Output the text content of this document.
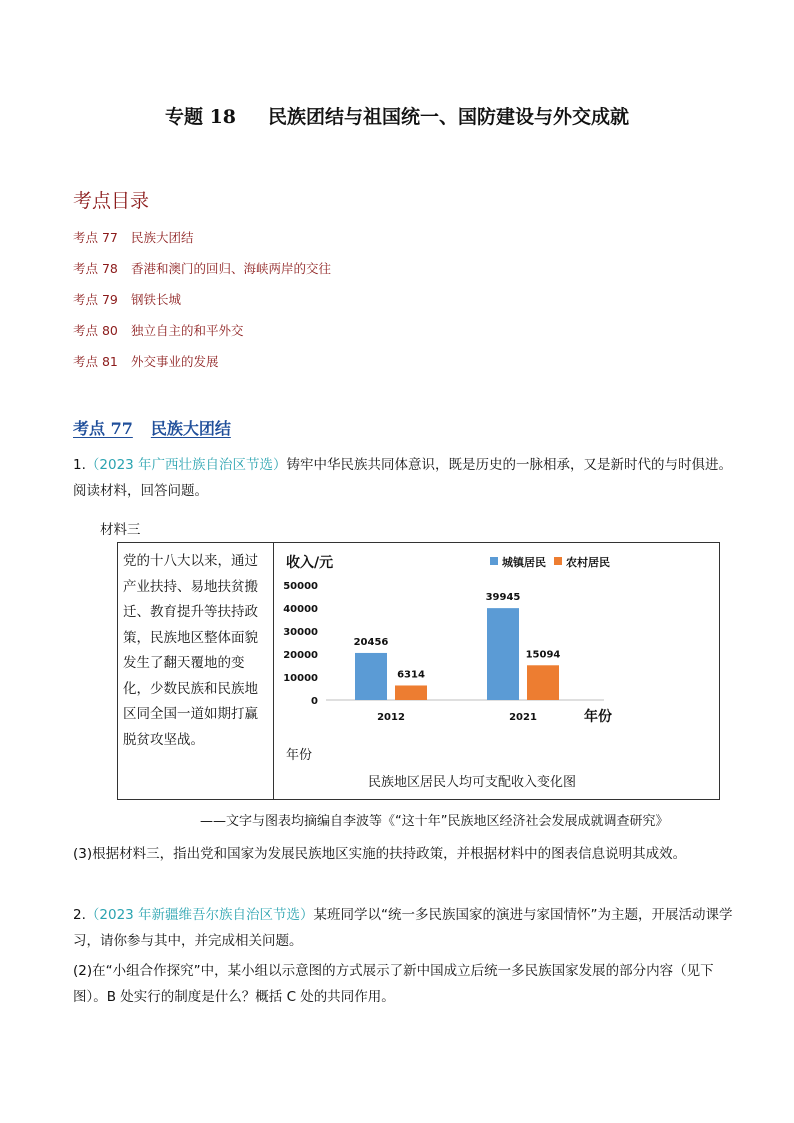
专题 18 民族团结与祖国统一、国防建设与外交成就
考点目录
考点 77 民族大团结
考点 78 香港和澳门的回归、海峡两岸的交往
考点 79 钢铁长城
考点 80 独立自主的和平外交
考点 81 外交事业的发展
考点 77 民族大团结
1.（2023 年广西壮族自治区节选）铸牢中华民族共同体意识，既是历史的一脉相承，又是新时代的与时俱进。阅读材料，回答问题。
材料三
党的十八大以来，通过产业扶持、易地扶贫搬迁、教育提升等扶持政策，民族地区整体面貌发生了翻天覆地的变化，少数民族和民族地区同全国一道如期打赢脱贫攻坚战。
收入/元
0
10000
20000
30000
40000
50000
20456
6314
2012
39945
15094
2021	年份
年份
城镇居民 农村居民
民族地区居民人均可支配收入变化图
——文字与图表均摘编自李波等《“这十年”民族地区经济社会发展成就调查研究》
(3)根据材料三，指出党和国家为发展民族地区实施的扶持政策，并根据材料中的图表信息说明其成效。
2.（2023 年新疆维吾尔族自治区节选）某班同学以“统一多民族国家的演进与家国情怀”为主题，开展活动课学习，请你参与其中，并完成相关问题。
(2)在“小组合作探究”中，某小组以示意图的方式展示了新中国成立后统一多民族国家发展的部分内容（见下图）。B 处实行的制度是什么？概括 C 处的共同作用。
